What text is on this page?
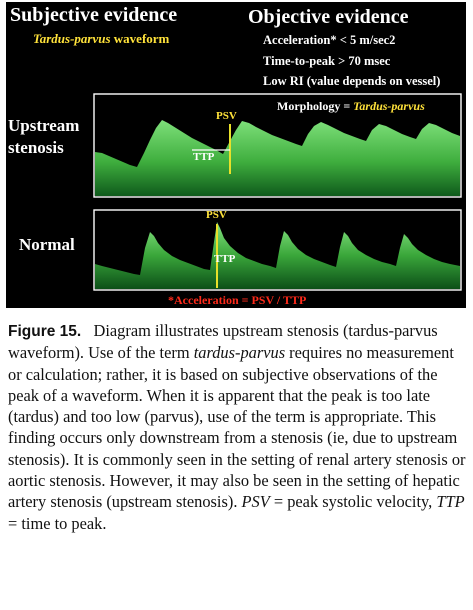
Subjective evidence
Tardus-parvus waveform
Objective evidence
Acceleration* < 5 m/sec2
Time-to-peak > 70 msec
Low RI (value depends on vessel)
Upstream stenosis
Normal
Morphology = Tardus-parvus
PSV
TTP
PSV
TTP
*Acceleration = PSV / TTP
Figure 15. Diagram illustrates upstream stenosis (tardus-parvus waveform). Use of the term tardus-parvus requires no measurement or calculation; rather, it is based on subjective observations of the peak of a waveform. When it is apparent that the peak is too late (tardus) and too low (parvus), use of the term is appropriate. This finding occurs only downstream from a stenosis (ie, due to upstream stenosis). It is commonly seen in the setting of renal artery stenosis or aortic stenosis. However, it may also be seen in the setting of hepatic artery stenosis (upstream stenosis). PSV = peak systolic velocity, TTP = time to peak.
